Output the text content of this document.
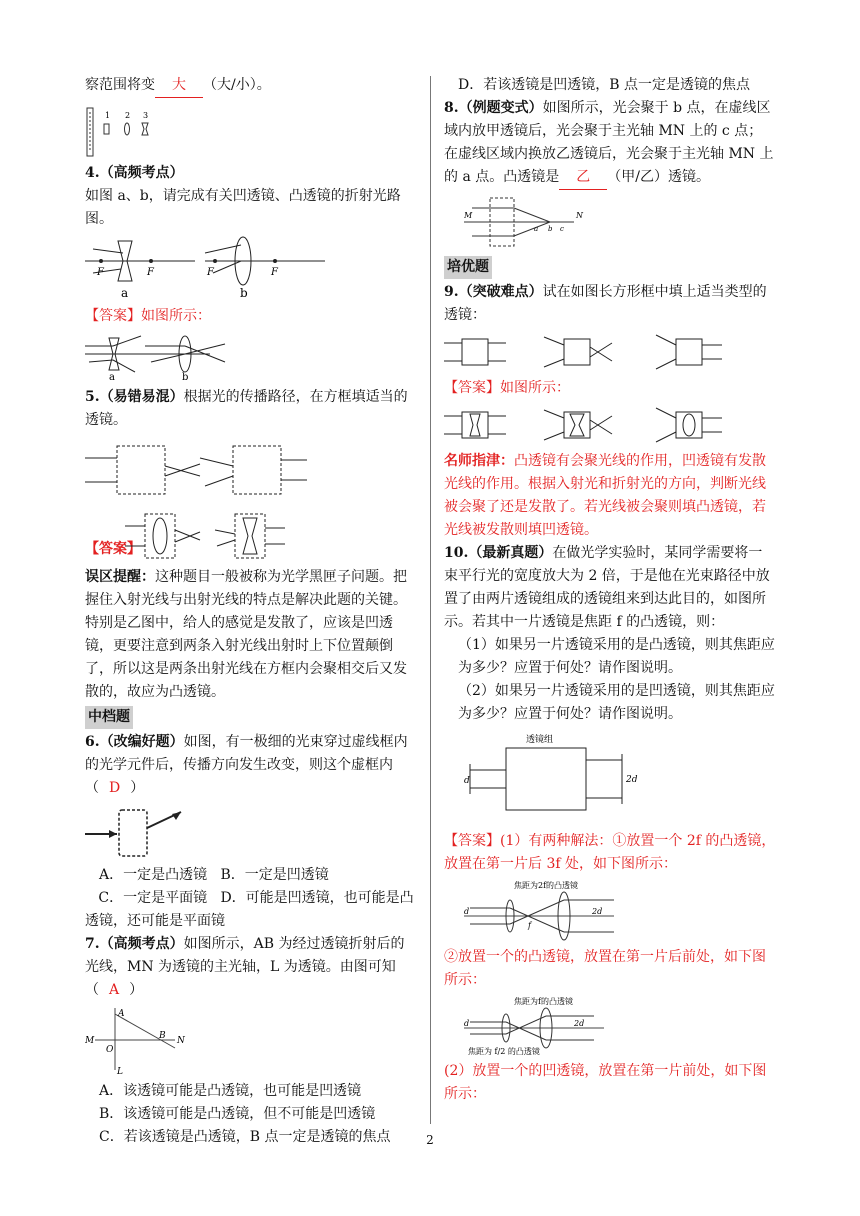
察范围将变 大 （大/小）。

1 2 3

4.（高频考点）

如图 a、b，请完成有关凹透镜、凸透镜的折射光路图。

F	F
a
F	F
b

【答案】如图所示：

a	b

5.（易错易混）根据光的传播路径，在方框填适当的透镜。

【答案】

误区提醒：这种题目一般被称为光学黑匣子问题。把握住入射光线与出射光线的特点是解决此题的关键。特别是乙图中，给人的感觉是发散了，应该是凹透镜，更要注意到两条入射光线出射时上下位置颠倒了，所以这是两条出射光线在方框内会聚相交后又发散的，故应为凸透镜。

中档题

6.（改编好题）如图，有一极细的光束穿过虚线框内的光学元件后，传播方向发生改变，则这个虚框内

（ D ）

A．一定是凸透镜 B．一定是凹透镜

C．一定是平面镜 D．可能是凹透镜，也可能是凸透镜，还可能是平面镜

7.（高频考点）如图所示，AB 为经过透镜折射后的光线，MN 为透镜的主光轴，L 为透镜。由图可知（ A ）

M	N
A
B
O
L

A．该透镜可能是凸透镜，也可能是凹透镜

B．该透镜可能是凸透镜，但不可能是凹透镜

C．若该透镜是凸透镜，B 点一定是透镜的焦点

D．若该透镜是凹透镜，B 点一定是透镜的焦点

8.（例题变式）如图所示，光会聚于 b 点，在虚线区域内放甲透镜后，光会聚于主光轴 MN 上的 c 点；在虚线区域内换放乙透镜后，光会聚于主光轴 MN 上的 a 点。凸透镜是 乙 （甲/乙）透镜。

M	N
a b c
培优题

9.（突破难点）试在如图长方形框中填上适当类型的透镜：

【答案】如图所示：

名师指津：凸透镜有会聚光线的作用，凹透镜有发散光线的作用。根据入射光和折射光的方向，判断光线被会聚了还是发散了。若光线被会聚则填凸透镜，若光线被发散则填凹透镜。

10.（最新真题）在做光学实验时，某同学需要将一束平行光的宽度放大为 2 倍，于是他在光束路径中放置了由两片透镜组成的透镜组来到达此目的，如图所示。若其中一片透镜是焦距 f 的凸透镜，则：

（1）如果另一片透镜采用的是凸透镜，则其焦距应为多少？应置于何处？请作图说明。

（2）如果另一片透镜采用的是凹透镜，则其焦距应为多少？应置于何处？请作图说明。

透镜组
d	2d

【答案】(1）有两种解法：①放置一个 2f 的凸透镜，放置在第一片后 3f 处，如下图所示：

焦距为2f的凸透镜
f
d	2d

②放置一个的凸透镜，放置在第一片后前处，如下图所示：

焦距为f的凸透镜
d	2d
焦距为 f/2 的凸透镜

(2）放置一个的凹透镜，放置在第一片前处，如下图所示：

2
